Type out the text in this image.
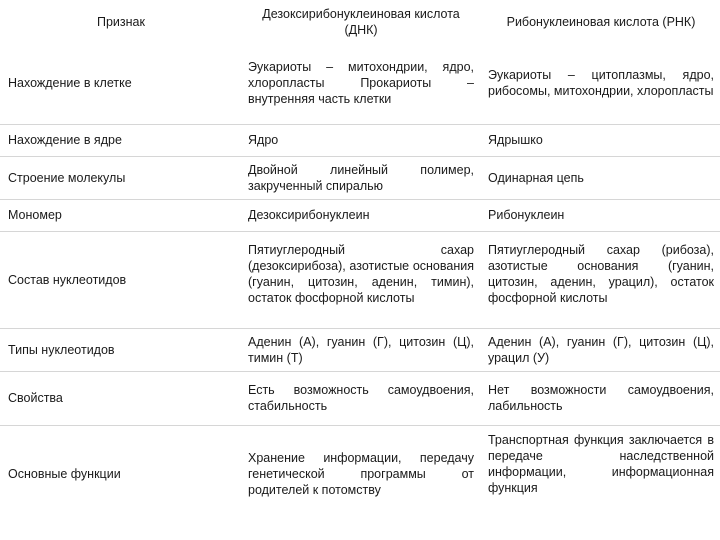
Признак	Дезоксирибонуклеиновая кислота (ДНК)	Рибонуклеиновая кислота (РНК)
Нахождение в клетке	Эукариоты – митохондрии, ядро, хлоропласты Прокариоты – внутренняя часть клетки	Эукариоты – цитоплазмы, ядро, рибосомы, митохондрии, хлоропласты
Нахождение в ядре	Ядро	Ядрышко
Строение молекулы	Двойной линейный полимер, закрученный спиралью	Одинарная цепь
Мономер	Дезоксирибонуклеин	Рибонуклеин
Состав нуклеотидов	Пятиуглеродный сахар (дезоксирибоза), азотистые основания (гуанин, цитозин, аденин, тимин), остаток фосфорной кислоты	Пятиуглеродный сахар (рибоза), азотистые основания (гуанин, цитозин, аденин, урацил), остаток фосфорной кислоты
Типы нуклеотидов	Аденин (А), гуанин (Г), цитозин (Ц), тимин (Т)	Аденин (А), гуанин (Г), цитозин (Ц), урацил (У)
Свойства	Есть возможность самоудвоения, стабильность	Нет возможности самоудвоения, лабильность
Основные функции	Хранение информации, передачу генетической программы от родителей к потомству	Транспортная функция заключается в передаче наследственной информации, информационная функция
